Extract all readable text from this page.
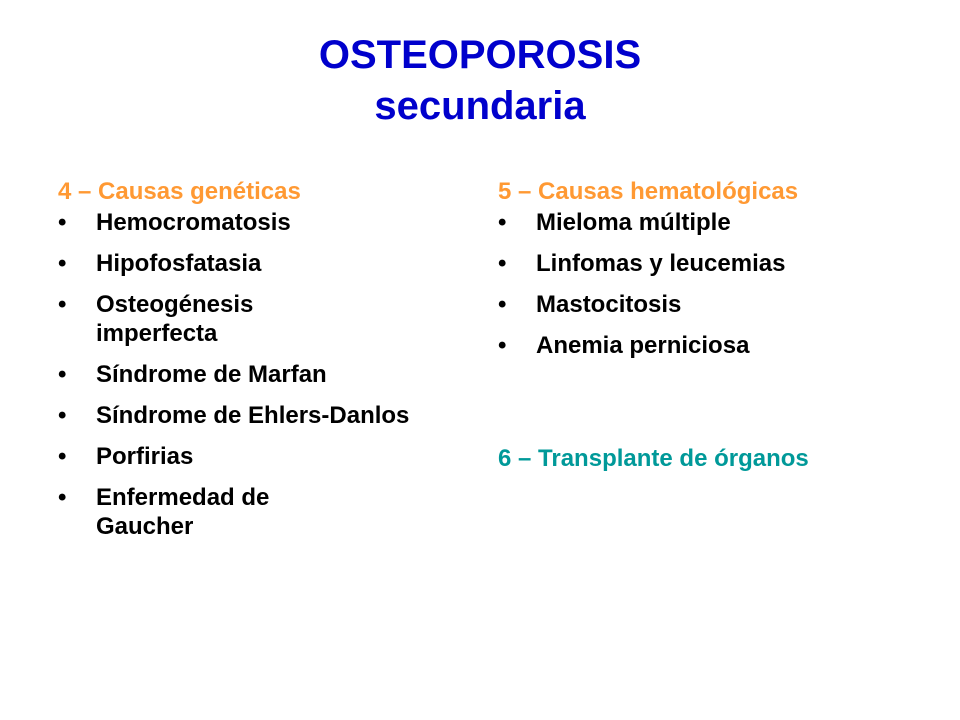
OSTEOPOROSIS
secundaria
4 – Causas genéticas
• Hemocromatosis
• Hipofosfatasia
• Osteogénesis imperfecta
• Síndrome de Marfan
• Síndrome de Ehlers-Danlos
• Porfirias
• Enfermedad de Gaucher
5 – Causas hematológicas
• Mieloma múltiple
• Linfomas y leucemias
• Mastocitosis
• Anemia perniciosa
6 – Transplante de órganos
